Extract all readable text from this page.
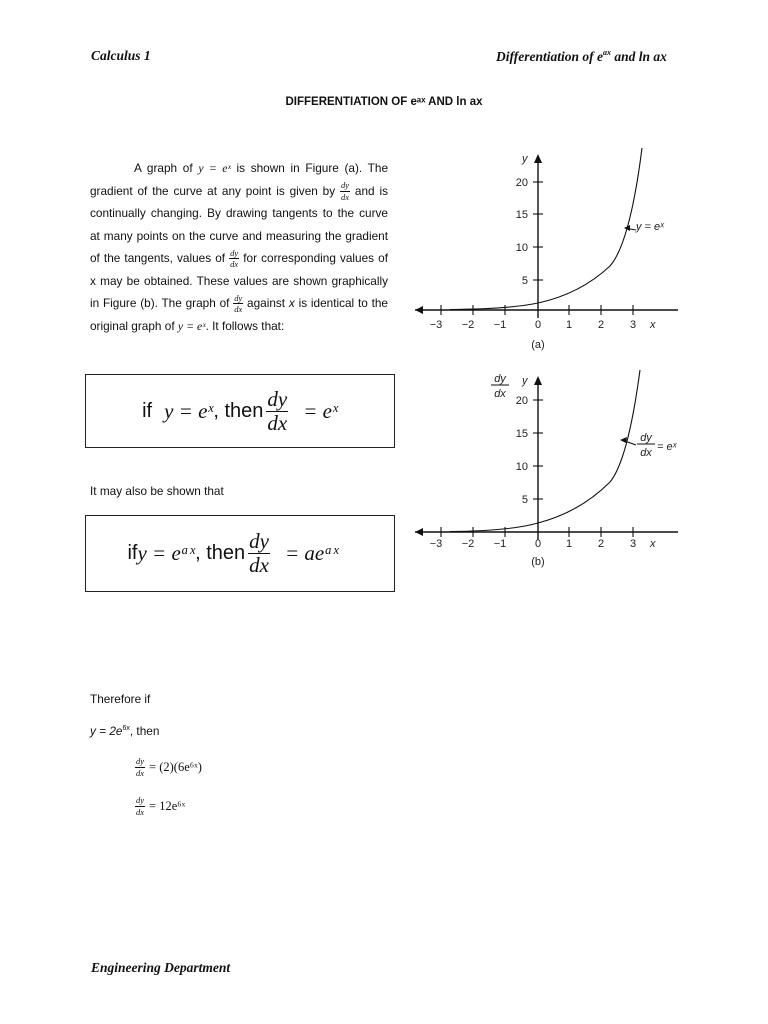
Calculus 1	Differentiation of $e^{ax}$ and ln ax
DIFFERENTIATION OF eᵃˣ AND ln ax

A graph of y = eˣ is shown in Figure (a). The gradient of the curve at any point is given by $\frac{dy}{dx}$ and is continually changing. By drawing tangents to the curve at many points on the curve and measuring the gradient of the tangents, values of $\frac{dy}{dx}$ for corresponding values of x may be obtained. These values are shown graphically in Figure (b). The graph of $\frac{dy}{dx}$ against x is identical to the original graph of y = eˣ. It follows that:

if y = eˣ , then $\frac{dy}{dx}$ = eˣ
It may also be shown that
if y = eᵃˣ , then $\frac{dy}{dx}$ = aeᵃˣ
Therefore if
$y = 2e^{6x}$, then
$\frac{dy}{dx}$ = (2)(6e⁶ˣ)
$\frac{dy}{dx}$ = 12e⁶ˣ
y
5
10
15
20
−3 −2 −1	0 1 2 3 x
y = eˣ
(a)
y
dy
dx
5
10
15
20
−3 −2 −1	0 1 2 3 x
dy
dx = eˣ
(b)
Engineering Department
